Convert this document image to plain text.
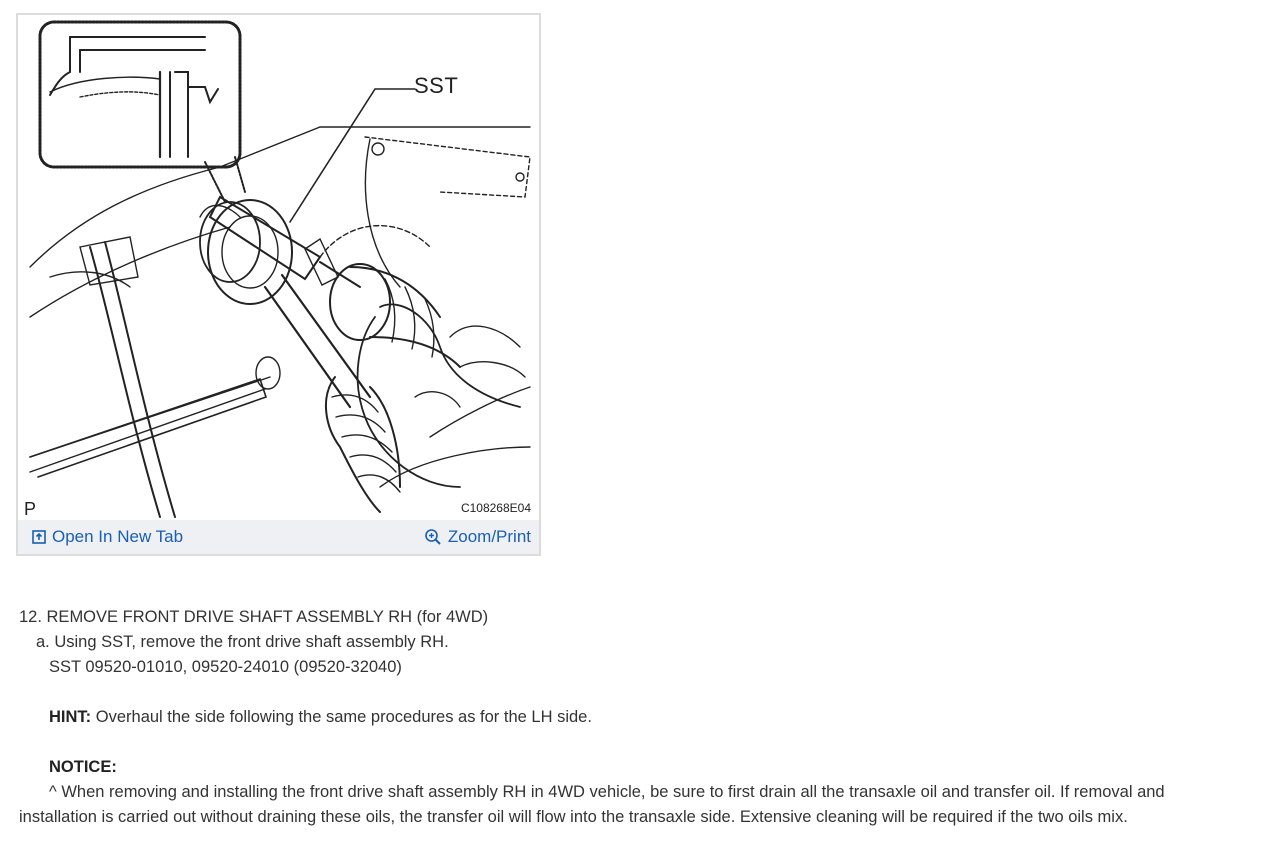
SST
P	C108268E04
Open In New Tab	Zoom/Print

12. REMOVE FRONT DRIVE SHAFT ASSEMBLY RH (for 4WD)

a. Using SST, remove the front drive shaft assembly RH.

SST 09520-01010, 09520-24010 (09520-32040)

HINT: Overhaul the side following the same procedures as for the LH side.

NOTICE:

^ When removing and installing the front drive shaft assembly RH in 4WD vehicle, be sure to first drain all the transaxle oil and transfer oil. If removal and installation is carried out without draining these oils, the transfer oil will flow into the transaxle side. Extensive cleaning will be required if the two oils mix.
